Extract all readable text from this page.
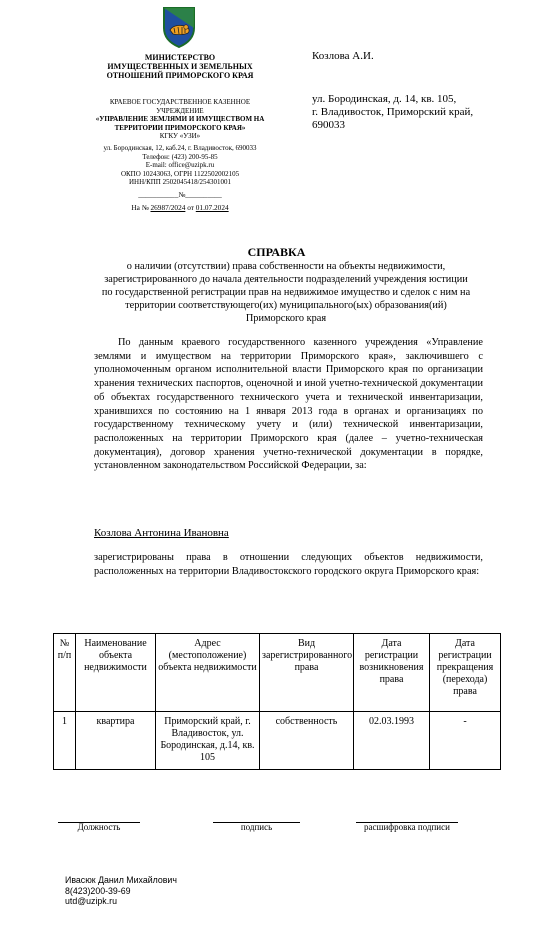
МИНИСТЕРСТВО ИМУЩЕСТВЕННЫХ И ЗЕМЕЛЬНЫХ ОТНОШЕНИЙ ПРИМОРСКОГО КРАЯ
КРАЕВОЕ ГОСУДАРСТВЕННОЕ КАЗЕННОЕ УЧРЕЖДЕНИЕ
«УПРАВЛЕНИЕ ЗЕМЛЯМИ И ИМУЩЕСТВОМ НА ТЕРРИТОРИИ ПРИМОРСКОГО КРАЯ»
КГКУ «УЗИ»
ул. Бородинская, 12, каб.24, г. Владивосток, 690033
Телефон: (423) 200-95-85
E-mail: office@uzipk.ru
ОКПО 10243063, ОГРН 1122502002105
ИНН/КПП 2502045418/254301001
___________№__________
На № 26987/2024 от 01.07.2024
Козлова А.И.
ул. Бородинская, д. 14, кв. 105,
г. Владивосток, Приморский край,
690033
СПРАВКА
о наличии (отсутствии) права собственности на объекты недвижимости, зарегистрированного до начала деятельности подразделений учреждения юстиции по государственной регистрации прав на недвижимое имущество и сделок с ним на территории соответствующего(их) муниципального(ых) образования(ий) Приморского края
По данным краевого государственного казенного учреждения «Управление землями и имуществом на территории Приморского края», заключившего с уполномоченным органом исполнительной власти Приморского края по организации хранения технических паспортов, оценочной и иной учетно-технической документации об объектах государственного технического учета и технической инвентаризации, хранившихся по состоянию на 1 января 2013 года в органах и организациях по государственному техническому учету и (или) технической инвентаризации, расположенных на территории Приморского края (далее – учетно-техническая документация), договор хранения учетно-технической документации в порядке, установленном законодательством Российской Федерации, за:
Козлова Антонина Ивановна
зарегистрированы права в отношении следующих объектов недвижимости, расположенных на территории Владивостокского городского округа Приморского края:
№ п/п	Наименование объекта недвижимости	Адрес (местоположение) объекта недвижимости	Вид зарегистрированного права	Дата регистрации возникновения права	Дата регистрации прекращения (перехода) права
1	квартира	Приморский край, г. Владивосток, ул. Бородинская, д.14, кв. 105	собственность	02.03.1993	-
Должность	подпись	расшифровка подписи
Ивасюк Данил Михайлович
8(423)200-39-69
utd@uzipk.ru
